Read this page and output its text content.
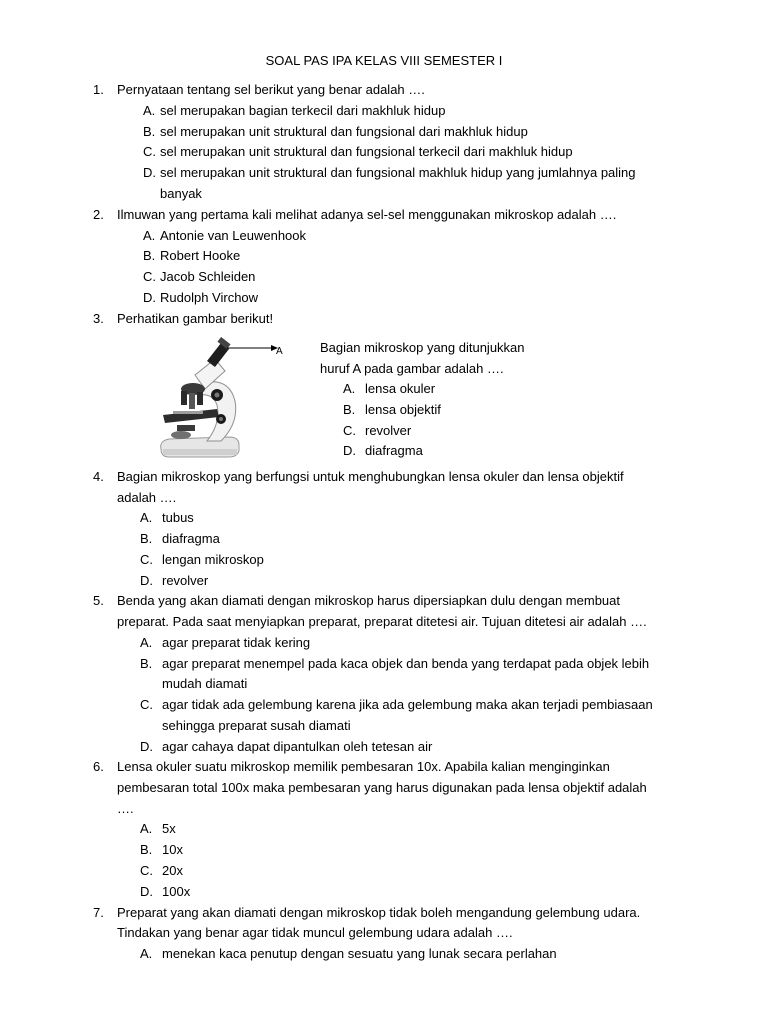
SOAL PAS IPA KELAS VIII SEMESTER I
1. Pernyataan tentang sel berikut yang benar adalah ….
A. sel merupakan bagian terkecil dari makhluk hidup
B. sel merupakan unit struktural dan fungsional dari makhluk hidup
C. sel merupakan unit struktural dan fungsional terkecil dari makhluk hidup
D. sel merupakan unit struktural dan fungsional makhluk hidup yang jumlahnya paling
banyak
2. Ilmuwan yang pertama kali melihat adanya sel-sel menggunakan mikroskop adalah ….
A. Antonie van Leuwenhook
B. Robert Hooke
C. Jacob Schleiden
D. Rudolph Virchow
3. Perhatikan gambar berikut!
A	Bagian mikroskop yang ditunjukkan
huruf A pada gambar adalah ….
A. lensa okuler
B. lensa objektif
C. revolver
D. diafragma
4. Bagian mikroskop yang berfungsi untuk menghubungkan lensa okuler dan lensa objektif
adalah ….
A. tubus
B. diafragma
C. lengan mikroskop
D. revolver
5. Benda yang akan diamati dengan mikroskop harus dipersiapkan dulu dengan membuat
preparat. Pada saat menyiapkan preparat, preparat ditetesi air. Tujuan ditetesi air adalah ….
A. agar preparat tidak kering
B. agar preparat menempel pada kaca objek dan benda yang terdapat pada objek lebih
mudah diamati
C. agar tidak ada gelembung karena jika ada gelembung maka akan terjadi pembiasaan
sehingga preparat susah diamati
D. agar cahaya dapat dipantulkan oleh tetesan air
6. Lensa okuler suatu mikroskop memilik pembesaran 10x. Apabila kalian menginginkan
pembesaran total 100x maka pembesaran yang harus digunakan pada lensa objektif adalah
….
A. 5x
B. 10x
C. 20x
D. 100x
7. Preparat yang akan diamati dengan mikroskop tidak boleh mengandung gelembung udara.
Tindakan yang benar agar tidak muncul gelembung udara adalah ….
A. menekan kaca penutup dengan sesuatu yang lunak secara perlahan
